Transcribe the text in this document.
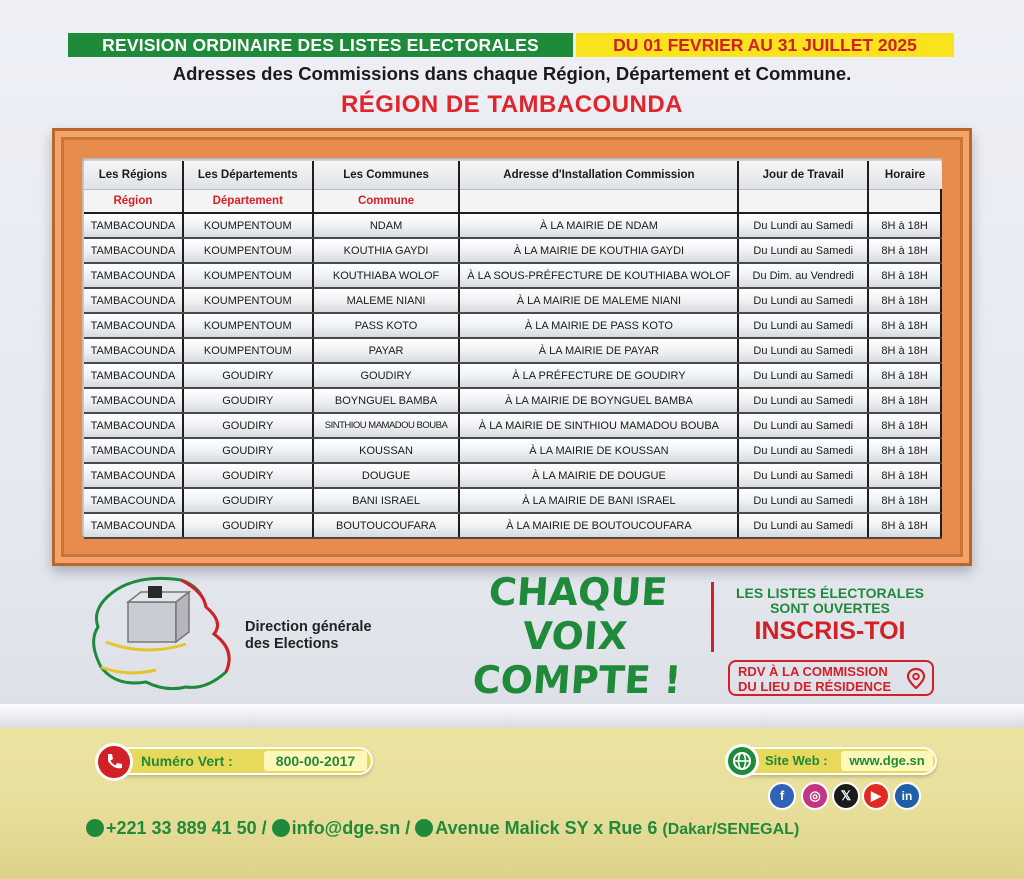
REVISION ORDINAIRE DES LISTES ELECTORALES	DU 01 FEVRIER AU 31 JUILLET 2025
Adresses des Commissions dans chaque Région, Département et Commune.
RÉGION DE TAMBACOUNDA
Les Régions	Les Départements	Les Communes	Adresse d'Installation Commission	Jour de Travail	Horaire
Région	Département	Commune			
TAMBACOUNDA	KOUMPENTOUM	NDAM	À LA MAIRIE DE NDAM	Du Lundi au Samedi	8H à 18H
TAMBACOUNDA	KOUMPENTOUM	KOUTHIA GAYDI	À LA MAIRIE DE KOUTHIA GAYDI	Du Lundi au Samedi	8H à 18H
TAMBACOUNDA	KOUMPENTOUM	KOUTHIABA WOLOF	À LA SOUS-PRÉFECTURE DE KOUTHIABA WOLOF	Du Dim. au Vendredi	8H à 18H
TAMBACOUNDA	KOUMPENTOUM	MALEME NIANI	À LA MAIRIE DE MALEME NIANI	Du Lundi au Samedi	8H à 18H
TAMBACOUNDA	KOUMPENTOUM	PASS KOTO	À LA MAIRIE DE PASS KOTO	Du Lundi au Samedi	8H à 18H
TAMBACOUNDA	KOUMPENTOUM	PAYAR	À LA MAIRIE DE PAYAR	Du Lundi au Samedi	8H à 18H
TAMBACOUNDA	GOUDIRY	GOUDIRY	À LA PRÉFECTURE DE GOUDIRY	Du Lundi au Samedi	8H à 18H
TAMBACOUNDA	GOUDIRY	BOYNGUEL BAMBA	À LA MAIRIE DE BOYNGUEL BAMBA	Du Lundi au Samedi	8H à 18H
TAMBACOUNDA	GOUDIRY	SINTHIOU MAMADOU BOUBA	À LA MAIRIE DE SINTHIOU MAMADOU BOUBA	Du Lundi au Samedi	8H à 18H
TAMBACOUNDA	GOUDIRY	KOUSSAN	À LA MAIRIE DE KOUSSAN	Du Lundi au Samedi	8H à 18H
TAMBACOUNDA	GOUDIRY	DOUGUE	À LA MAIRIE DE DOUGUE	Du Lundi au Samedi	8H à 18H
TAMBACOUNDA	GOUDIRY	BANI ISRAEL	À LA MAIRIE DE BANI ISRAEL	Du Lundi au Samedi	8H à 18H
TAMBACOUNDA	GOUDIRY	BOUTOUCOUFARA	À LA MAIRIE DE BOUTOUCOUFARA	Du Lundi au Samedi	8H à 18H
Direction générale
des Elections
CHAQUE VOIX
COMPTE !
LES LISTES ÉLECTORALES
SONT OUVERTES
INSCRIS-TOI
RDV À LA COMMISSION
DU LIEU DE RÉSIDENCE
Numéro Vert :	800-00-2017	Site Web :	www.dge.sn
f	◎	𝕏	▶	in
+221 33 889 41 50 / info@dge.sn / Avenue Malick SY x Rue 6 (Dakar/SENEGAL)
